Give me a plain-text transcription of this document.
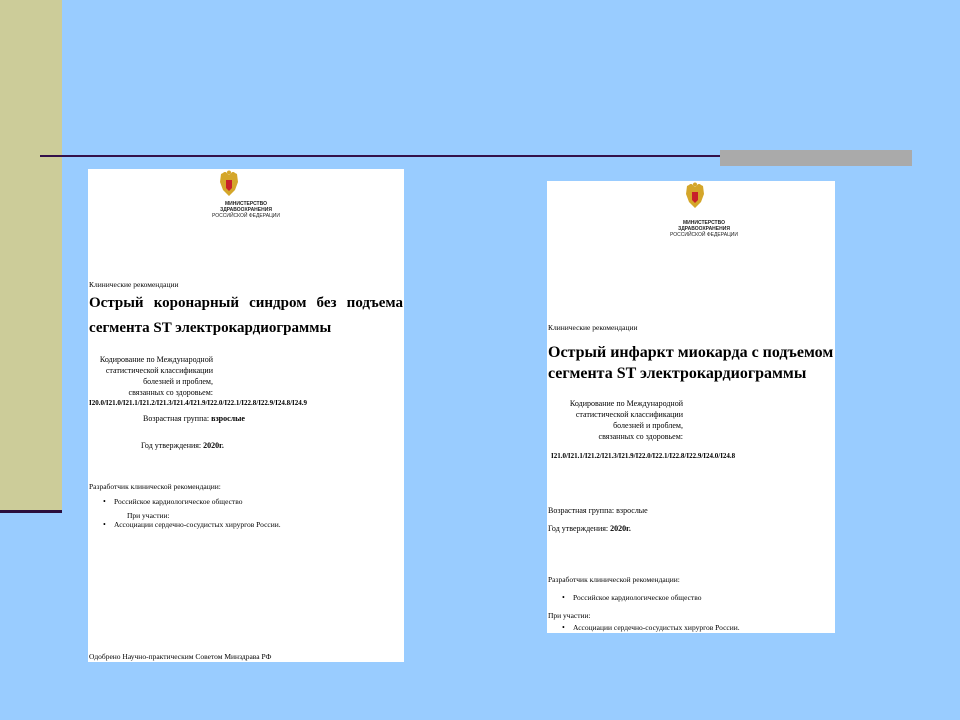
МИНИСТЕРСТВО
ЗДРАВООХРАНЕНИЯ
РОССИЙСКОЙ ФЕДЕРАЦИИ
Клинические рекомендации
Острый коронарный синдром без подъема
сегмента ST электрокардиограммы
Кодирование по Международной
статистической классификации
болезней и проблем,
связанных со здоровьем:
I20.0/I21.0/I21.1/I21.2/I21.3/I21.4/I21.9/I22.0/I22.1/I22.8/I22.9/I24.8/I24.9
Возрастная группа: взрослые
Год утверждения: 2020г.
Разработчик клинической рекомендации:
• Российское кардиологическое общество
При участии:
• Ассоциации сердечно-сосудистых хирургов России.
Одобрено Научно-практическим Советом Минздрава РФ
МИНИСТЕРСТВО
ЗДРАВООХРАНЕНИЯ
РОССИЙСКОЙ ФЕДЕРАЦИИ
Клинические рекомендации
Острый инфаркт миокарда с подъемом
сегмента ST электрокардиограммы
Кодирование по Международной
статистической классификации
болезней и проблем,
связанных со здоровьем:
I21.0/I21.1/I21.2/I21.3/I21.9/I22.0/I22.1/I22.8/I22.9/I24.0/I24.8
Возрастная группа: взрослые
Год утверждения: 2020г.
Разработчик клинической рекомендации:
• Российское кардиологическое общество
При участии:
• Ассоциации сердечно-сосудистых хирургов России.
